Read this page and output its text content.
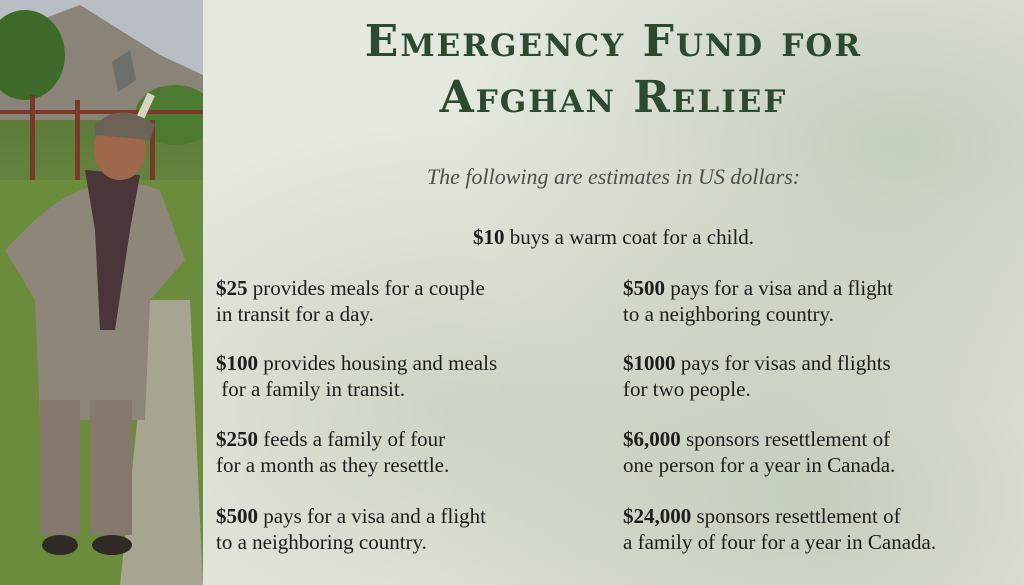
Emergency Fund for
Afghan Relief
The following are estimates in US dollars:
$10 buys a warm coat for a child.
$25 provides meals for a couple
in transit for a day.
$100 provides housing and meals
for a family in transit.
$250 feeds a family of four
for a month as they resettle.
$500 pays for a visa and a flight
to a neighboring country.
$500 pays for a visa and a flight
to a neighboring country.
$1000 pays for visas and flights
for two people.
$6,000 sponsors resettlement of
one person for a year in Canada.
$24,000 sponsors resettlement of
a family of four for a year in Canada.
